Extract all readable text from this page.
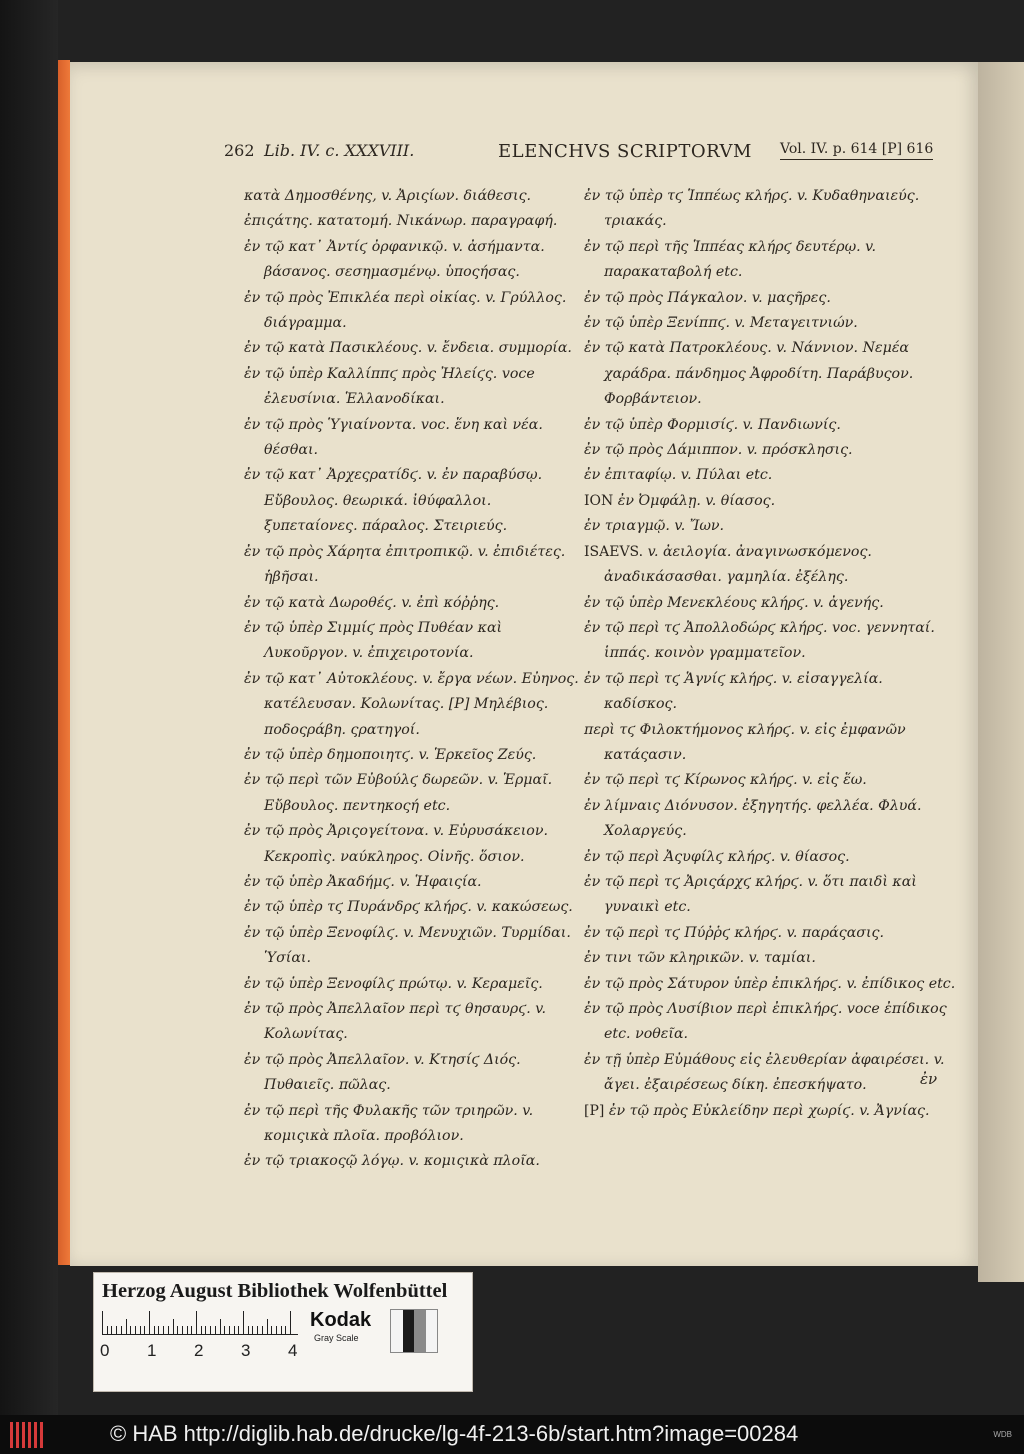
262 Lib. IV. c. XXXVIII.	ELENCHVS SCRIPTORVM Vol. IV. p. 614 [P] 616
κατὰ Δημοσθένης, v. Ἀριςίων. διάθεσις. ἐπιςάτης. κατατομή. Νικάνωρ. παραγραφή.
ἐν τῷ κατ᾽ Ἀντίϛ ὀρφανικῷ. v. ἀσήμαντα. βάσανος. σεσημασμένῳ. ὑποςήσας.
ἐν τῷ πρὸς Ἐπικλέα περὶ οἰκίας. v. Γρύλλος. διάγραμμα.
ἐν τῷ κατὰ Πασικλέους. v. ἔνδεια. συμμορία.
ἐν τῷ ὑπὲρ Καλλίππϛ πρὸς Ἠλείϛς. voce ἐλευσίνια. Ἑλλανοδίκαι.
ἐν τῷ πρὸς Ὑγιαίνοντα. voc. ἕνη καὶ νέα. θέσθαι.
ἐν τῷ κατ᾽ Ἀρχεςρατίδϛ. v. ἐν παραβύσῳ. Εὔβουλος. θεωρικά. ἰθύφαλλοι. ξυπεταίονες. πάραλος. Στειριεύς.
ἐν τῷ πρὸς Χάρητα ἐπιτροπικῷ. v. ἐπιδιέτες. ἡβῆσαι.
ἐν τῷ κατὰ Δωροθέϛ. v. ἐπὶ κόῤῥης.
ἐν τῷ ὑπὲρ Σιμμίϛ πρὸς Πυθέαν καὶ Λυκοῦργον. v. ἐπιχειροτονία.
ἐν τῷ κατ᾽ Αὐτοκλέους. v. ἔργα νέων. Εὐηνος. κατέλευσαν. Κολωνίτας. [P] Μηλέβιος. ποδοςράβη. ςρατηγοί.
ἐν τῷ ὑπὲρ δημοποιητϛ. v. Ἑρκεῖος Ζεύς.
ἐν τῷ περὶ τῶν Εὐβούλϛ δωρεῶν. v. Ἑρμαῖ. Εὔβουλος. πεντηκοςή etc.
ἐν τῷ πρὸς Ἀριςογείτονα. v. Εὐρυσάκειον. Κεκροπὶς. ναύκληρος. Οἰνῆς. ὅσιον.
ἐν τῷ ὑπὲρ Ἀκαδήμϛ. v. Ἡφαιςία.
ἐν τῷ ὑπὲρ τϛ Πυράνδρϛ κλήρϛ. v. κακώσεως.
ἐν τῷ ὑπὲρ Ξενοφίλϛ. v. Μενυχιῶν. Τυρμίδαι. Ὑσίαι.
ἐν τῷ ὑπὲρ Ξενοφίλϛ πρώτῳ. v. Κεραμεῖς.
ἐν τῷ πρὸς Ἀπελλαῖον περὶ τϛ θησαυρϛ. v. Κολωνίτας.
ἐν τῷ πρὸς Ἀπελλαῖον. v. Κτησίϛ Διός. Πυθαιεῖς. πῶλας.
ἐν τῷ περὶ τῆς Φυλακῆς τῶν τριηρῶν. v. κομιςικὰ πλοῖα. προβόλιον.
ἐν τῷ τριακοςῷ λόγῳ. v. κομιςικὰ πλοῖα.
ἐν τῷ ὑπὲρ τϛ Ἱππέως κλήρϛ. v. Κυδαθηναιεύς. τριακάς.
ἐν τῷ περὶ τῆς Ἱππέας κλήρϛ δευτέρῳ. v. παρακαταβολή etc.
ἐν τῷ πρὸς Πάγκαλον. v. μαςῆρες.
ἐν τῷ ὑπὲρ Ξενίππϛ. v. Μεταγειτνιών.
ἐν τῷ κατὰ Πατροκλέους. v. Νάννιον. Νεμέα χαράδρα. πάνδημος Ἀφροδίτη. Παράβυςον. Φορβάντειον.
ἐν τῷ ὑπὲρ Φορμισίϛ. v. Πανδιωνίς.
ἐν τῷ πρὸς Δάμιππον. v. πρόσκλησις.
ἐν ἐπιταφίῳ. v. Πύλαι etc.
ION ἐν Ὀμφάλῃ. v. θίασος.
ἐν τριαγμῷ. v. Ἴων.
ISAEVS. v. ἀειλογία. ἀναγινωσκόμενος. ἀναδικάσασθαι. γαμηλία. ἐξέλης.
ἐν τῷ ὑπὲρ Μενεκλέους κλήρϛ. v. ἀγενής.
ἐν τῷ περὶ τϛ Ἀπολλοδώρϛ κλήρϛ. voc. γεννηταί. ἱππάς. κοινὸν γραμματεῖον.
ἐν τῷ περὶ τϛ Ἁγνίϛ κλήρϛ. v. εἰσαγγελία. καδίσκος.
περὶ τϛ Φιλοκτήμονος κλήρϛ. v. εἰς ἐμφανῶν κατάςασιν.
ἐν τῷ περὶ τϛ Κίρωνος κλήρϛ. v. εἰς ἕω.
ἐν λίμναις Διόνυσον. ἐξηγητής. φελλέα. Φλυά. Χολαργεύς.
ἐν τῷ περὶ Ἀςυφίλϛ κλήρϛ. v. θίασος.
ἐν τῷ περὶ τϛ Ἀριςάρχϛ κλήρϛ. v. ὅτι παιδὶ καὶ γυναικὶ etc.
ἐν τῷ περὶ τϛ Πύῤῥϛ κλήρϛ. v. παράςασις.
ἐν τινι τῶν κληρικῶν. v. ταμίαι.
ἐν τῷ πρὸς Σάτυρον ὑπὲρ ἐπικλήρϛ. v. ἐπίδικος etc.
ἐν τῷ πρὸς Λυσίβιον περὶ ἐπικλήρϛ. voce ἐπίδικος etc. νοθεῖα.
ἐν τῇ ὑπὲρ Εὐμάθους εἰς ἐλευθερίαν ἀφαιρέσει. v. ἄγει. ἐξαιρέσεως δίκη. ἐπεσκήψατο.
[P] ἐν τῷ πρὸς Εὐκλείδην περὶ χωρίϛ. v. Ἀγνίας.
ἐν
Herzog August Bibliothek Wolfenbüttel
0 1 2 3 4
Kodak
Gray Scale
© HAB http://diglib.hab.de/drucke/lg-4f-213-6b/start.htm?image=00284	WDB
